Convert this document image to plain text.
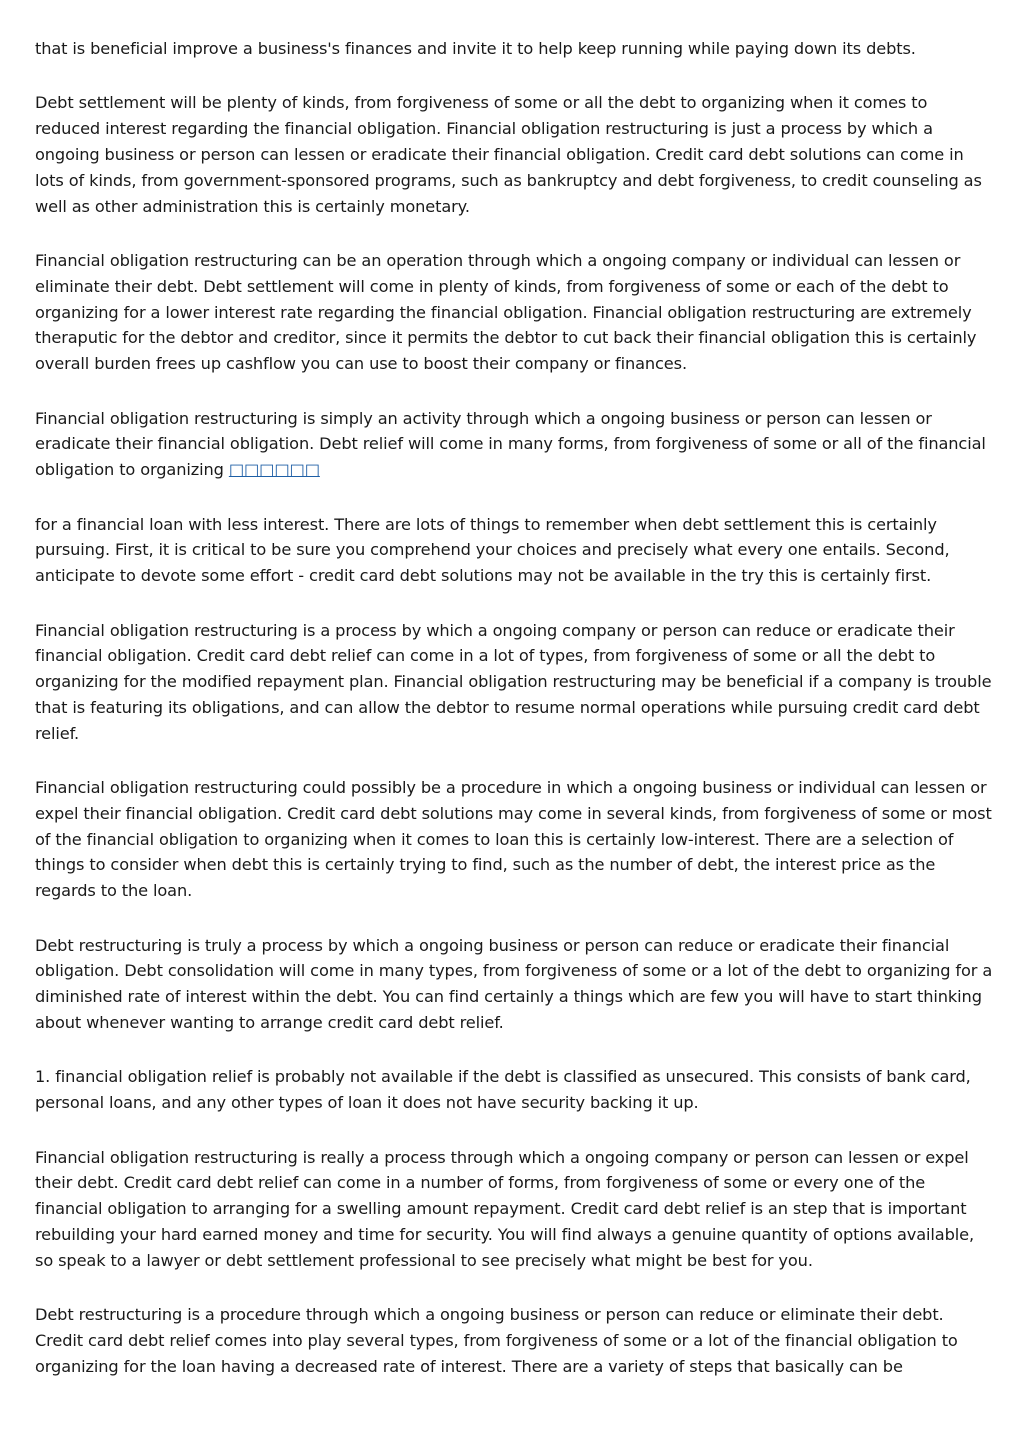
that is beneficial improve a business's finances and invite it to help keep running while paying down its debts.

Debt settlement will be plenty of kinds, from forgiveness of some or all the debt to organizing when it comes to reduced interest regarding the financial obligation. Financial obligation restructuring is just a process by which a ongoing business or person can lessen or eradicate their financial obligation. Credit card debt solutions can come in lots of kinds, from government-sponsored programs, such as bankruptcy and debt forgiveness, to credit counseling as well as other administration this is certainly monetary.

Financial obligation restructuring can be an operation through which a ongoing company or individual can lessen or eliminate their debt. Debt settlement will come in plenty of kinds, from forgiveness of some or each of the debt to organizing for a lower interest rate regarding the financial obligation. Financial obligation restructuring are extremely theraputic for the debtor and creditor, since it permits the debtor to cut back their financial obligation this is certainly overall burden frees up cashflow you can use to boost their company or finances.

Financial obligation restructuring is simply an activity through which a ongoing business or person can lessen or eradicate their financial obligation. Debt relief will come in many forms, from forgiveness of some or all of the financial obligation to organizing □□□□□□

for a financial loan with less interest. There are lots of things to remember when debt settlement this is certainly pursuing. First, it is critical to be sure you comprehend your choices and precisely what every one entails. Second, anticipate to devote some effort - credit card debt solutions may not be available in the try this is certainly first.

Financial obligation restructuring is a process by which a ongoing company or person can reduce or eradicate their financial obligation. Credit card debt relief can come in a lot of types, from forgiveness of some or all the debt to organizing for the modified repayment plan. Financial obligation restructuring may be beneficial if a company is trouble that is featuring its obligations, and can allow the debtor to resume normal operations while pursuing credit card debt relief.

Financial obligation restructuring could possibly be a procedure in which a ongoing business or individual can lessen or expel their financial obligation. Credit card debt solutions may come in several kinds, from forgiveness of some or most of the financial obligation to organizing when it comes to loan this is certainly low-interest. There are a selection of things to consider when debt this is certainly trying to find, such as the number of debt, the interest price as the regards to the loan.

Debt restructuring is truly a process by which a ongoing business or person can reduce or eradicate their financial obligation. Debt consolidation will come in many types, from forgiveness of some or a lot of the debt to organizing for a diminished rate of interest within the debt. You can find certainly a things which are few you will have to start thinking about whenever wanting to arrange credit card debt relief.

1. financial obligation relief is probably not available if the debt is classified as unsecured. This consists of bank card, personal loans, and any other types of loan it does not have security backing it up.

Financial obligation restructuring is really a process through which a ongoing company or person can lessen or expel their debt. Credit card debt relief can come in a number of forms, from forgiveness of some or every one of the financial obligation to arranging for a swelling amount repayment. Credit card debt relief is an step that is important rebuilding your hard earned money and time for security. You will find always a genuine quantity of options available, so speak to a lawyer or debt settlement professional to see precisely what might be best for you.

Debt restructuring is a procedure through which a ongoing business or person can reduce or eliminate their debt. Credit card debt relief comes into play several types, from forgiveness of some or a lot of the financial obligation to organizing for the loan having a decreased rate of interest. There are a variety of steps that basically can be
